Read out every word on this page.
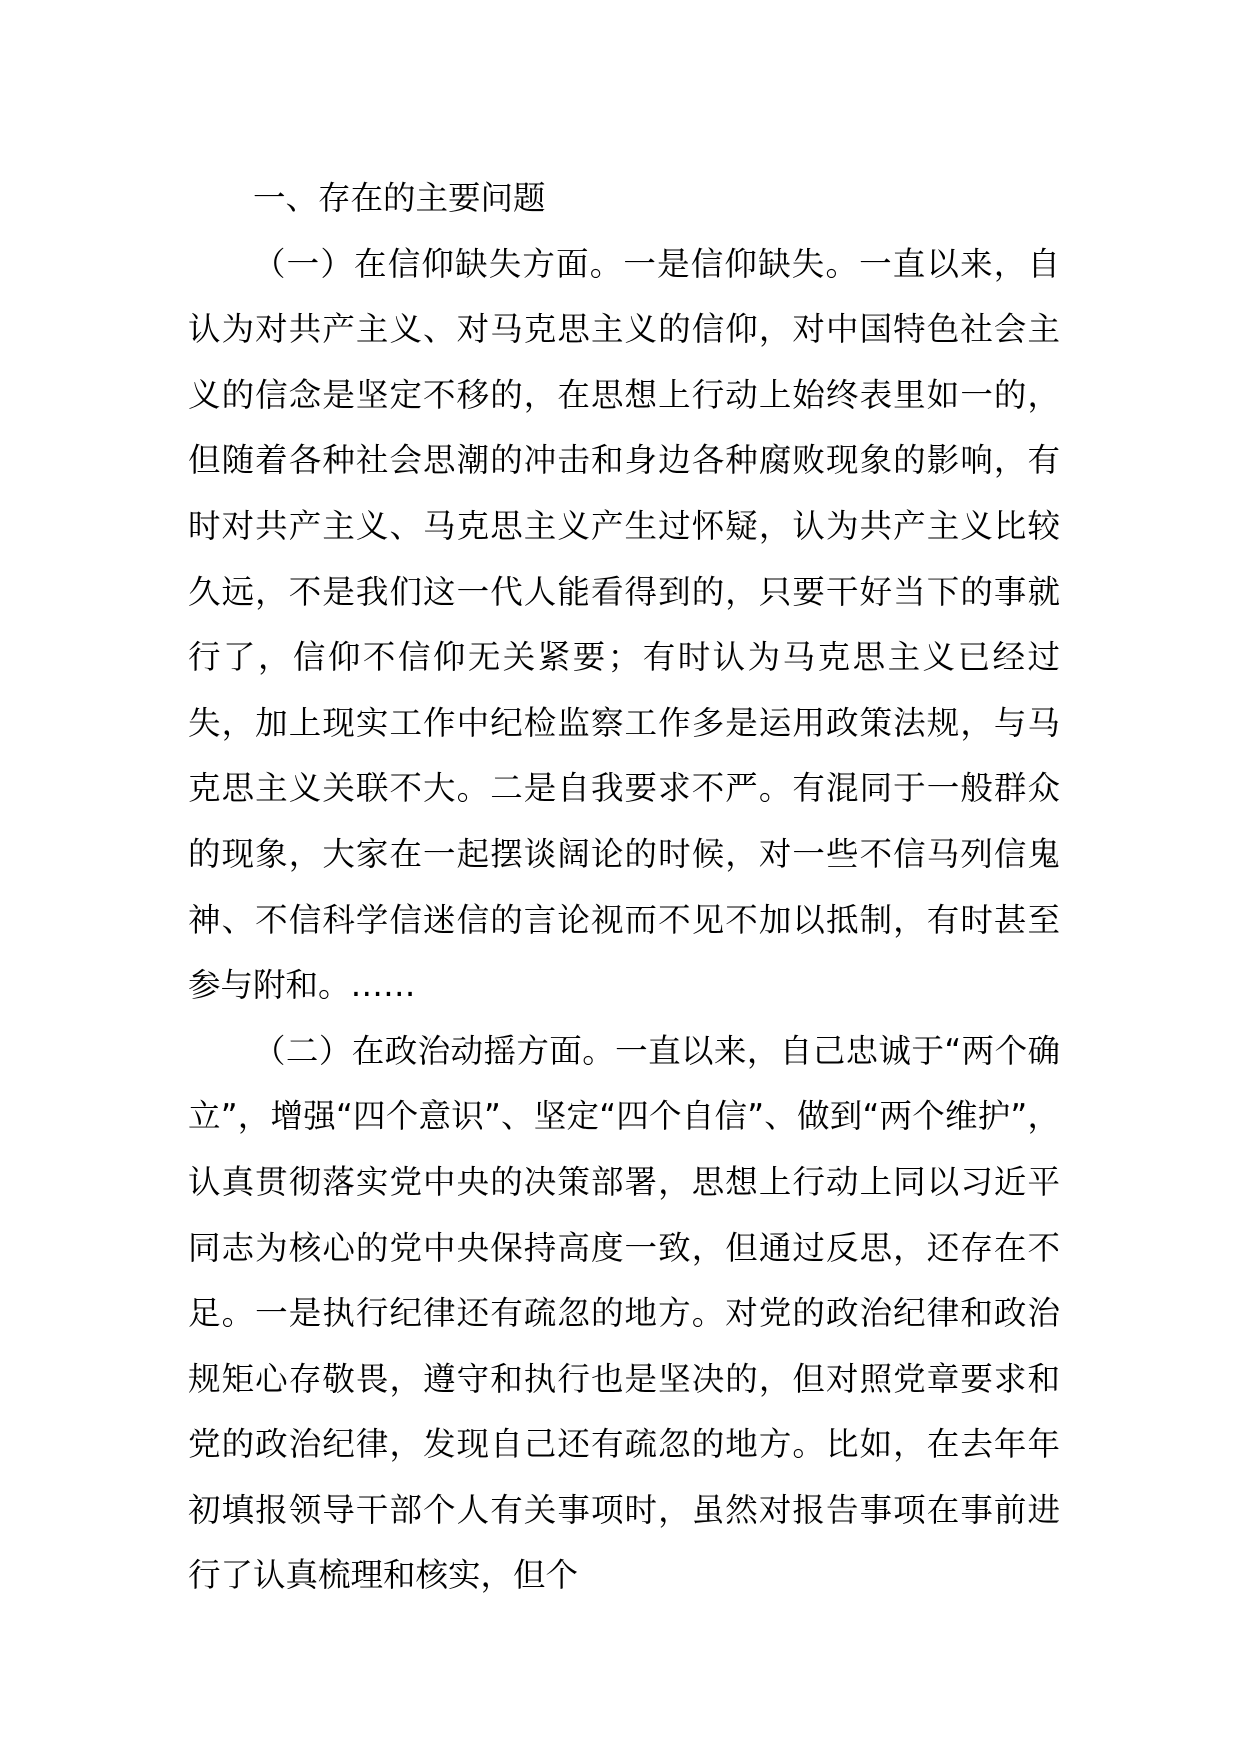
一、存在的主要问题

（一）在信仰缺失方面。一是信仰缺失。一直以来，自认为对共产主义、对马克思主义的信仰，对中国特色社会主义的信念是坚定不移的，在思想上行动上始终表里如一的，但随着各种社会思潮的冲击和身边各种腐败现象的影响，有时对共产主义、马克思主义产生过怀疑，认为共产主义比较久远，不是我们这一代人能看得到的，只要干好当下的事就行了，信仰不信仰无关紧要；有时认为马克思主义已经过失，加上现实工作中纪检监察工作多是运用政策法规，与马克思主义关联不大。二是自我要求不严。有混同于一般群众的现象，大家在一起摆谈阔论的时候，对一些不信马列信鬼神、不信科学信迷信的言论视而不见不加以抵制，有时甚至参与附和。……

（二）在政治动摇方面。一直以来，自己忠诚于“两个确立”，增强“四个意识”、坚定“四个自信”、做到“两个维护”，认真贯彻落实党中央的决策部署，思想上行动上同以习近平同志为核心的党中央保持高度一致，但通过反思，还存在不足。一是执行纪律还有疏忽的地方。对党的政治纪律和政治规矩心存敬畏，遵守和执行也是坚决的，但对照党章要求和党的政治纪律，发现自己还有疏忽的地方。比如，在去年年初填报领导干部个人有关事项时，虽然对报告事项在事前进行了认真梳理和核实，但个
